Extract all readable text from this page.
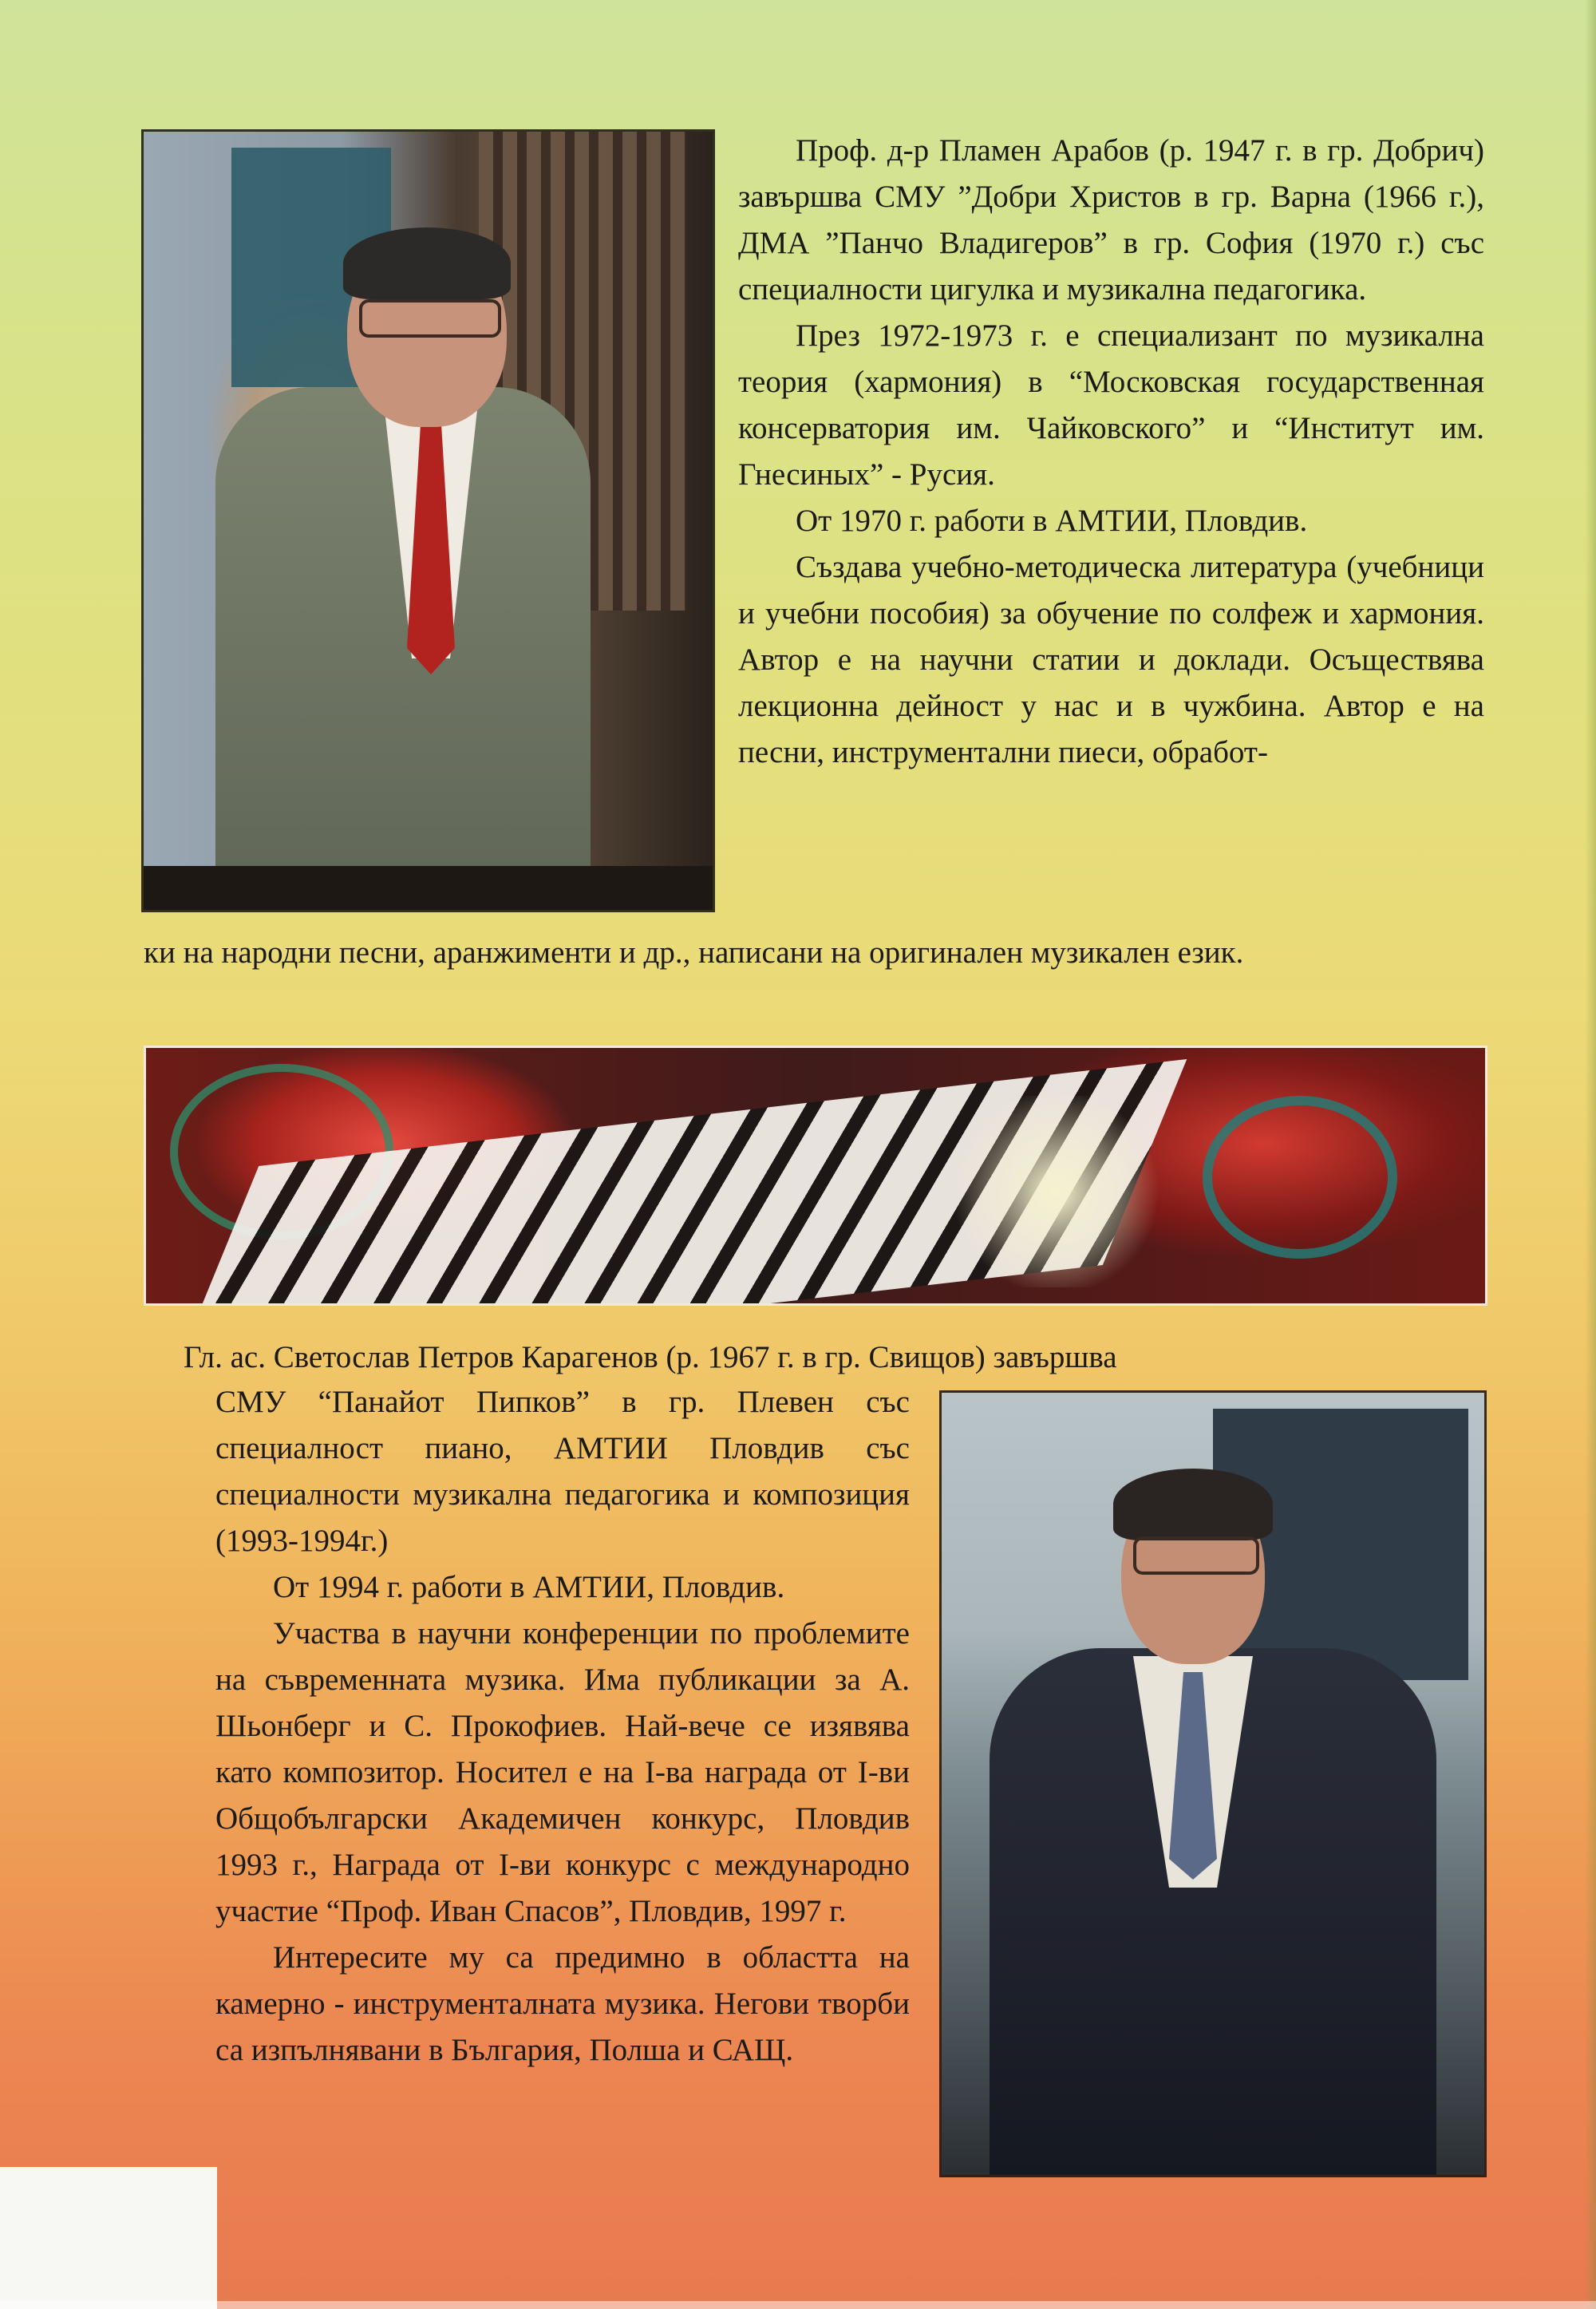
Проф. д-р Пламен Арабов (р. 1947 г. в гр. Добрич) завършва СМУ ”Добри Христов в гр. Варна (1966 г.), ДМА ”Панчо Владигеров” в гр. София (1970 г.) със специалности цигулка и музикална педагогика.

През 1972-1973 г. е специализант по музикална теория (хармония) в “Московская государственная консерватория им. Чайковского” и “Институт им. Гнесиных” - Русия.

От 1970 г. работи в АМТИИ, Пловдив.

Създава учебно-методическа литература (учебници и учебни пособия) за обучение по солфеж и хармония. Автор е на научни статии и доклади. Осъществява лекционна дейност у нас и в чужбина. Автор е на песни, инструментални пиеси, обработ-

ки на народни песни, аранжименти и др., написани на оригинален музикален език.

Гл. ас. Светослав Петров Карагенов (р. 1967 г. в гр. Свищов) завършва

СМУ “Панайот Пипков” в гр. Плевен със специалност пиано, АМТИИ Пловдив със специалности музикална педагогика и композиция (1993-1994г.)

От 1994 г. работи в АМТИИ, Пловдив.

Участва в научни конференции по проблемите на съвременната музика. Има публикации за А. Шьонберг и С. Прокофиев. Най-вече се изявява като композитор. Носител е на I-ва награда от I-ви Общобългарски Академичен конкурс, Пловдив 1993 г., Награда от I-ви конкурс с международно участие “Проф. Иван Спасов”, Пловдив, 1997 г.

Интересите му са предимно в областта на камерно - инструменталната музика. Негови творби са изпълнявани в България, Полша и САЩ.
